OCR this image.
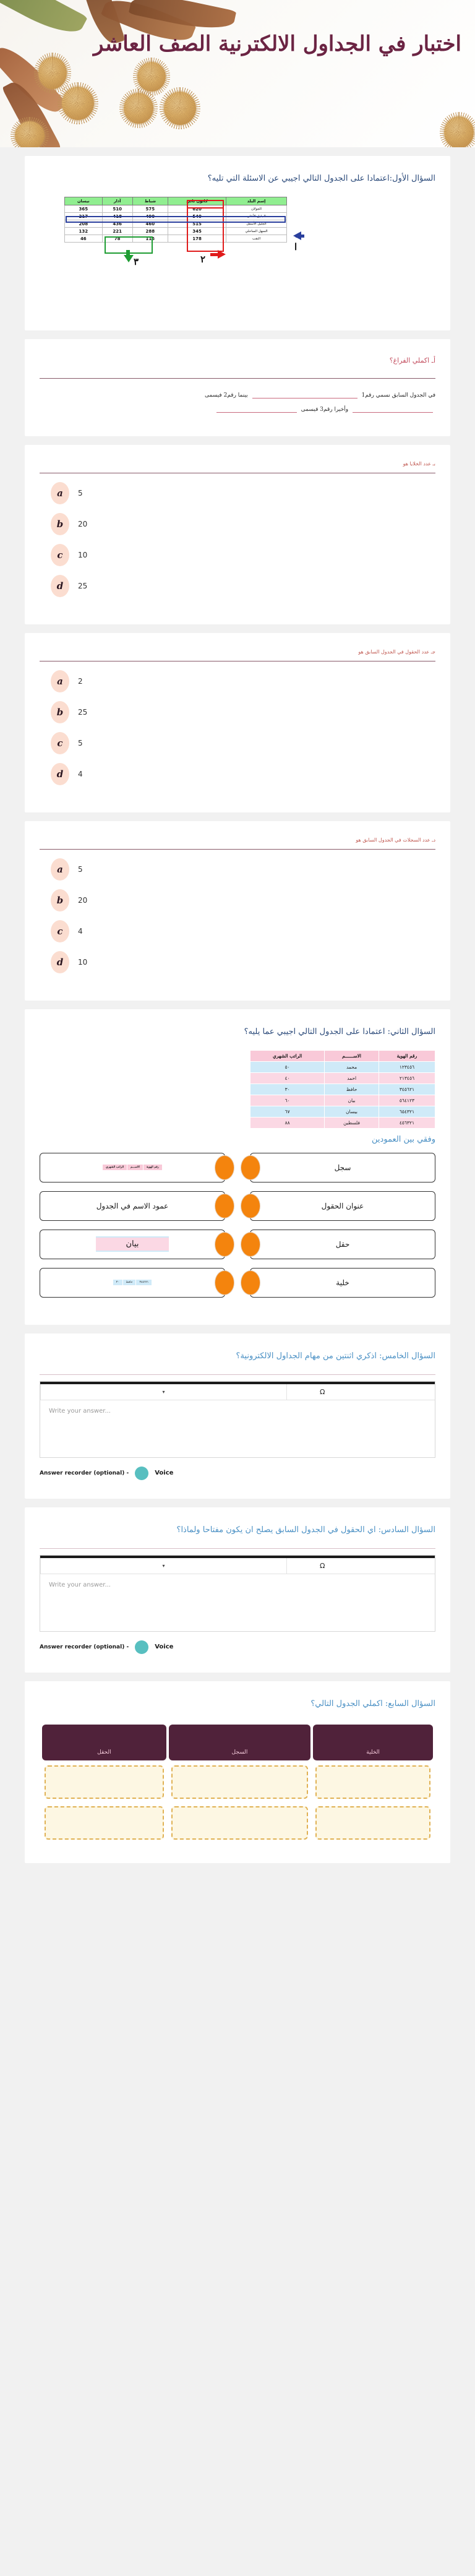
اختبار في الجداول الالكترنية الصف العاشر
السؤال الأول:اعتمادا على الجدول التالي اجيبي عن الاسئلة التي تليه؟
إسم البلد	كانون ثاني	شباط	آذار	نيسان
الجولان	620	575	510	365
الجليل الأعلى	540	490	418	217
الجليل الأسفل	515	460	436	208
السهل الساحلي	345	288	221	132
النقب	178	115	78	46
ا
٢
٣
أـ اكملي الفراغ؟
في الجدول السابق نسمي رقم1  بينما رقم2 فيسمى
وأخيرا رقم3 فيسمى
بـ عدد الخلايا هو
a	5
b	20
c	10
d	25
جـ عدد الحقول في الجدول السابق هو
a	2
b	25
c	5
d	4
دـ عدد السجلات في الجدول السابق هو
a	5
b	20
c	4
d	10
السؤال الثاني: اعتمادا على الجدول التالي اجيبي عما يليه؟
رقم الهوية	الاســــــم	الراتب الشهري
١٢٣٤٥٦	محمد	٥٠
٢١٣٤٥٦	احمد	٤٠
٣٤٥٦٢١	حافظ	٣٠
٥٦٤١٢٣	بيان	٦٠
٦٥٤٣٢١	بيسان	٦٧
٤٥٦٣٢١	فلسطين	٨٨
وفقي بين العمودين
رقم الهوية	الاســـم	الراتب الشهري	سجل
عمود الاسم في الجدول	عنوان الحقول
بيان	حقل
٣٤٥٦٢١	حافظ	٣٠	خلية
السؤال الخامس: اذكري اثنتين من مهام الجداول الالكترونية؟
▾	Ω
Write your answer...
Answer recorder (optional) -	Voice
السؤال السادس: اي الحقول في الجدول السابق يصلح ان يكون مفتاحا ولماذا؟
▾	Ω
Write your answer...
Answer recorder (optional) -	Voice
السؤال السابع: اكملي الجدول التالي؟
الخلية	السجل	الحقل
